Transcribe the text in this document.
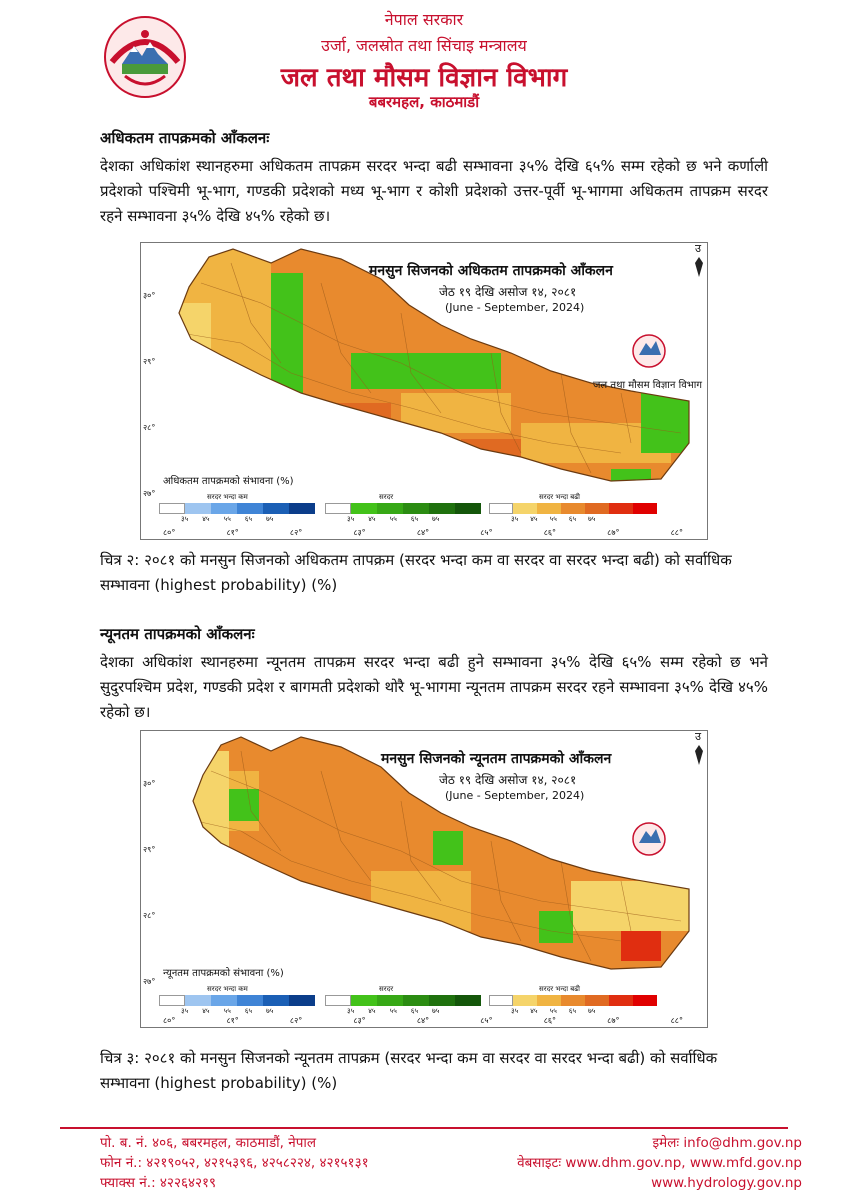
नेपाल सरकार
उर्जा, जलस्रोत तथा सिंचाइ मन्त्रालय
जल तथा मौसम विज्ञान विभाग
बबरमहल, काठमाडौं
अधिकतम तापक्रमको आँकलनः
देशका अधिकांश स्थानहरुमा अधिकतम तापक्रम सरदर भन्दा बढी सम्भावना ३५% देखि ६५% सम्म रहेको छ भने कर्णाली प्रदेशको पश्चिमी भू-भाग, गण्डकी प्रदेशको मध्य भू-भाग र कोशी प्रदेशको उत्तर-पूर्वी भू-भागमा अधिकतम तापक्रम सरदर रहने सम्भावना ३५% देखि ४५% रहेको छ।
मनसुन सिजनको अधिकतम तापक्रमको आँकलन
जेठ १९ देखि असोज १४, २०८१
(June - September, 2024)
उ
जल तथा मौसम विज्ञान विभाग
अधिकतम तापक्रमको संभावना (%)
३०°
२९°
२८°
२७°
८०°	८१°	८२°	८३°	८४°	८५°	८६°	८७°	८८°
सरदर भन्दा कम	सरदर	सरदर भन्दा बढी
३५ ४५ ५५ ६५ ७५	३५ ४५ ५५ ६५ ७५	३५ ४५ ५५ ६५ ७५
चित्र २: २०८१ को मनसुन सिजनको अधिकतम तापक्रम (सरदर भन्दा कम वा सरदर वा सरदर भन्दा बढी) को सर्वाधिक सम्भावना (highest probability) (%)
न्यूनतम तापक्रमको आँकलनः
देशका अधिकांश स्थानहरुमा न्यूनतम तापक्रम सरदर भन्दा बढी हुने सम्भावना ३५% देखि ६५% सम्म रहेको छ भने सुदुरपश्चिम प्रदेश, गण्डकी प्रदेश र बागमती प्रदेशको थोरै भू-भागमा न्यूनतम तापक्रम सरदर रहने सम्भावना ३५% देखि ४५% रहेको छ।
मनसुन सिजनको न्यूनतम तापक्रमको आँकलन
जेठ १९ देखि असोज १४, २०८१
(June - September, 2024)
उ
न्यूनतम तापक्रमको संभावना (%)
३०°
२९°
२८°
२७°
८०°	८१°	८२°	८३°	८४°	८५°	८६°	८७°	८८°
सरदर भन्दा कम	सरदर	सरदर भन्दा बढी
३५ ४५ ५५ ६५ ७५	३५ ४५ ५५ ६५ ७५	३५ ४५ ५५ ६५ ७५
चित्र ३: २०८१ को मनसुन सिजनको न्यूनतम तापक्रम (सरदर भन्दा कम वा सरदर वा सरदर भन्दा बढी) को सर्वाधिक सम्भावना (highest probability) (%)
पो. ब. नं. ४०६, बबरमहल, काठमाडौं, नेपाल
फोन नं.: ४२१९०५२, ४२१५३९६, ४२५८२२४, ४२१५१३१
फ्याक्स नं.: ४२२६४२१९
इमेलः info@dhm.gov.np
वेबसाइटः www.dhm.gov.np, www.mfd.gov.np
www.hydrology.gov.np
